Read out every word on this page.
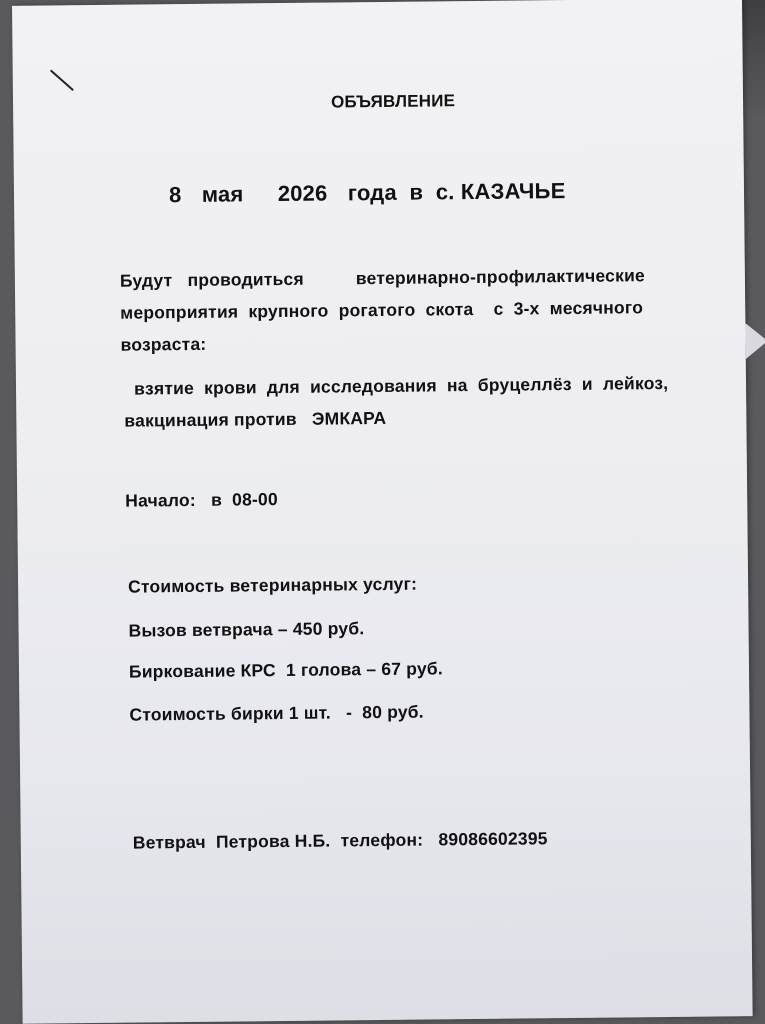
ОБЪЯВЛЕНИЕ
8 мая 2026 года  в  с. КАЗАЧЬЕ
Будут   проводиться	ветеринарно-профилактические
мероприятия  крупного  рогатого  скота    с  3-х  месячного
возраста:
взятие  крови  для  исследования  на  бруцеллёз  и  лейкоз,
вакцинация против   ЭМКАРА
Начало:   в  08-00
Стоимость ветеринарных услуг:
Вызов ветврача – 450 руб.
Биркование КРС  1 голова – 67 руб.
Стоимость бирки 1 шт.   -  80 руб.
Ветврач  Петрова Н.Б.  телефон:   89086602395
